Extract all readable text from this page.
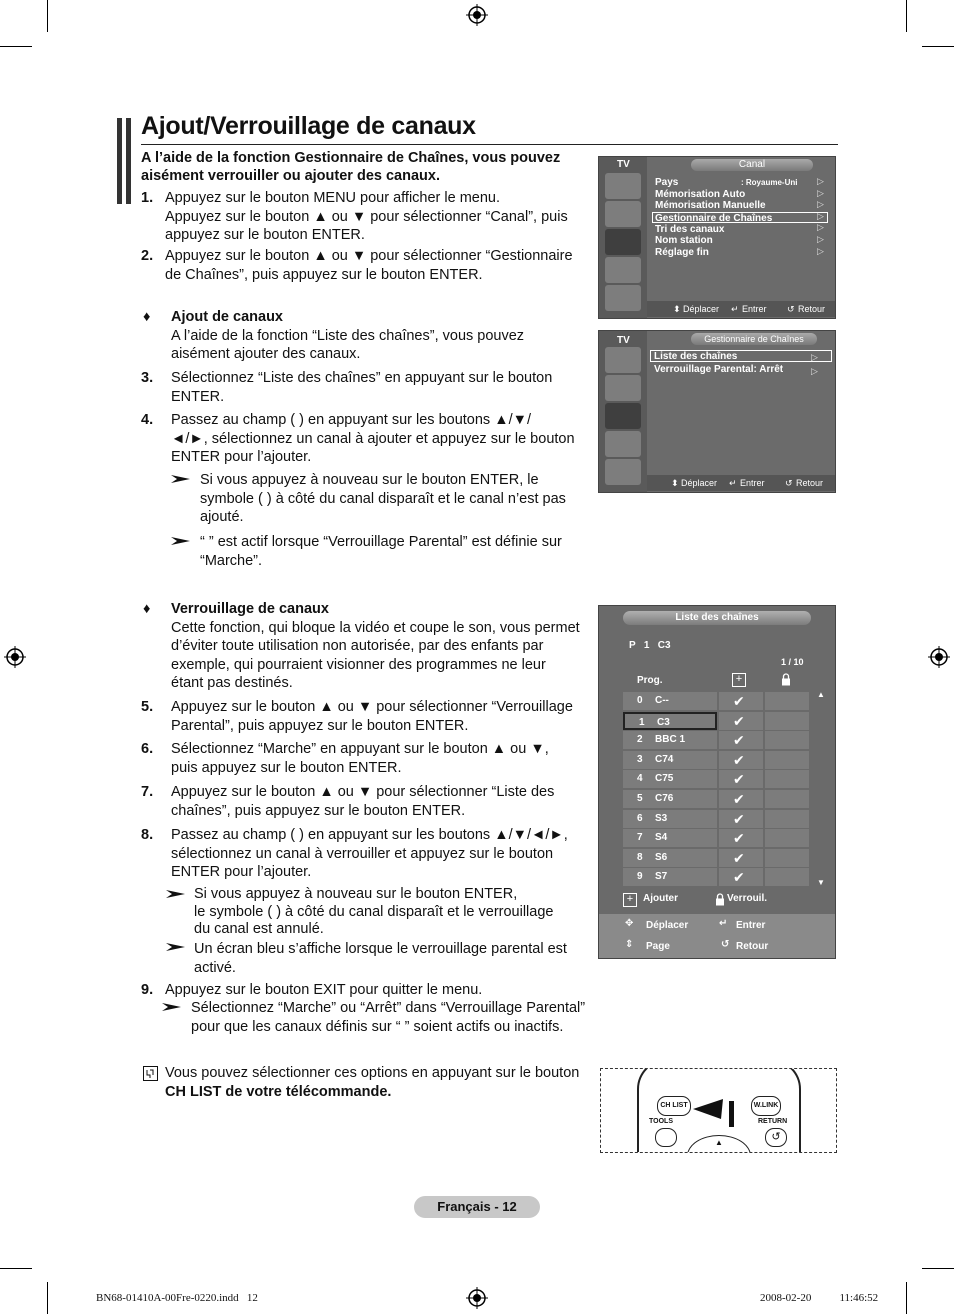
Ajout/Verrouillage de canaux
A l’aide de la fonction Gestionnaire de Chaînes, vous pouvez aisément verrouiller ou ajouter des canaux.
1. Appuyez sur le bouton MENU pour afficher le menu.
Appuyez sur le bouton ▲ ou ▼ pour sélectionner “Canal”, puis
appuyez sur le bouton ENTER.
2. Appuyez sur le bouton ▲ ou ▼ pour sélectionner “Gestionnaire
de Chaînes”, puis appuyez sur le bouton ENTER.
♦ Ajout de canaux
A l’aide de la fonction “Liste des chaînes”, vous pouvez
aisément ajouter des canaux.
3. Sélectionnez “Liste des chaînes” en appuyant sur le bouton
ENTER.
4. Passez au champ ( ) en appuyant sur les boutons ▲/▼/
◄/►, sélectionnez un canal à ajouter et appuyez sur le bouton
ENTER pour l’ajouter.
Si vous appuyez à nouveau sur le bouton ENTER, le
symbole ( ) à côté du canal disparaît et le canal n’est pas
ajouté.
“ ” est actif lorsque “Verrouillage Parental” est définie sur
“Marche”.
♦ Verrouillage de canaux
Cette fonction, qui bloque la vidéo et coupe le son, vous permet
d’éviter toute utilisation non autorisée, par des enfants par
exemple, qui pourraient visionner des programmes ne leur
étant pas destinés.
5. Appuyez sur le bouton ▲ ou ▼ pour sélectionner “Verrouillage
Parental”, puis appuyez sur le bouton ENTER.
6. Sélectionnez “Marche” en appuyant sur le bouton ▲ ou ▼,
puis appuyez sur le bouton ENTER.
7. Appuyez sur le bouton ▲ ou ▼ pour sélectionner “Liste des
chaînes”, puis appuyez sur le bouton ENTER.
8. Passez au champ ( ) en appuyant sur les boutons ▲/▼/◄/►,
sélectionnez un canal à verrouiller et appuyez sur le bouton
ENTER pour l’ajouter.
Si vous appuyez à nouveau sur le bouton ENTER,
le symbole ( ) à côté du canal disparaît et le verrouillage
du canal est annulé.
Un écran bleu s’affiche lorsque le verrouillage parental est
activé.
9. Appuyez sur le bouton EXIT pour quitter le menu.
Sélectionnez “Marche” ou “Arrêt” dans “Verrouillage Parental”
pour que les canaux définis sur “ ” soient actifs ou inactifs.
Vous pouvez sélectionner ces options en appuyant sur le bouton
CH LIST de votre télécommande.
TV	Canal
Pays	: Royaume-Uni
Mémorisation Auto
Mémorisation Manuelle
Gestionnaire de Chaînes
Tri des canaux
Nom station
Réglage fin
▷
▷
▷
▷
▷
▷
▷
⬍ Déplacer ↵ Entrer ↺ Retour
TV	Gestionnaire de Chaînes
Liste des chaînes
Verrouillage Parental: Arrêt
▷
▷
⬍ Déplacer ↵ Entrer ↺ Retour
Liste des chaînes
P   1   C3
1 / 10
Prog.	+
0 C--	✔
1 C3	✔
2 BBC 1	✔
3 C74	✔
4 C75	✔
5 C76	✔
6 S3	✔
7 S4	✔
8 S6	✔
9 S7	✔
▲
▼
+ Ajouter	Verrouil.
✥ Déplacer	↵ Entrer
⇕ Page	↺ Retour
CH LIST	W.LINK
TOOLS	RETURN
↺
▲
Français - 12
BN68-01410A-00Fre-0220.indd   12	2008-02-20   ￿￿ 11:46:52
